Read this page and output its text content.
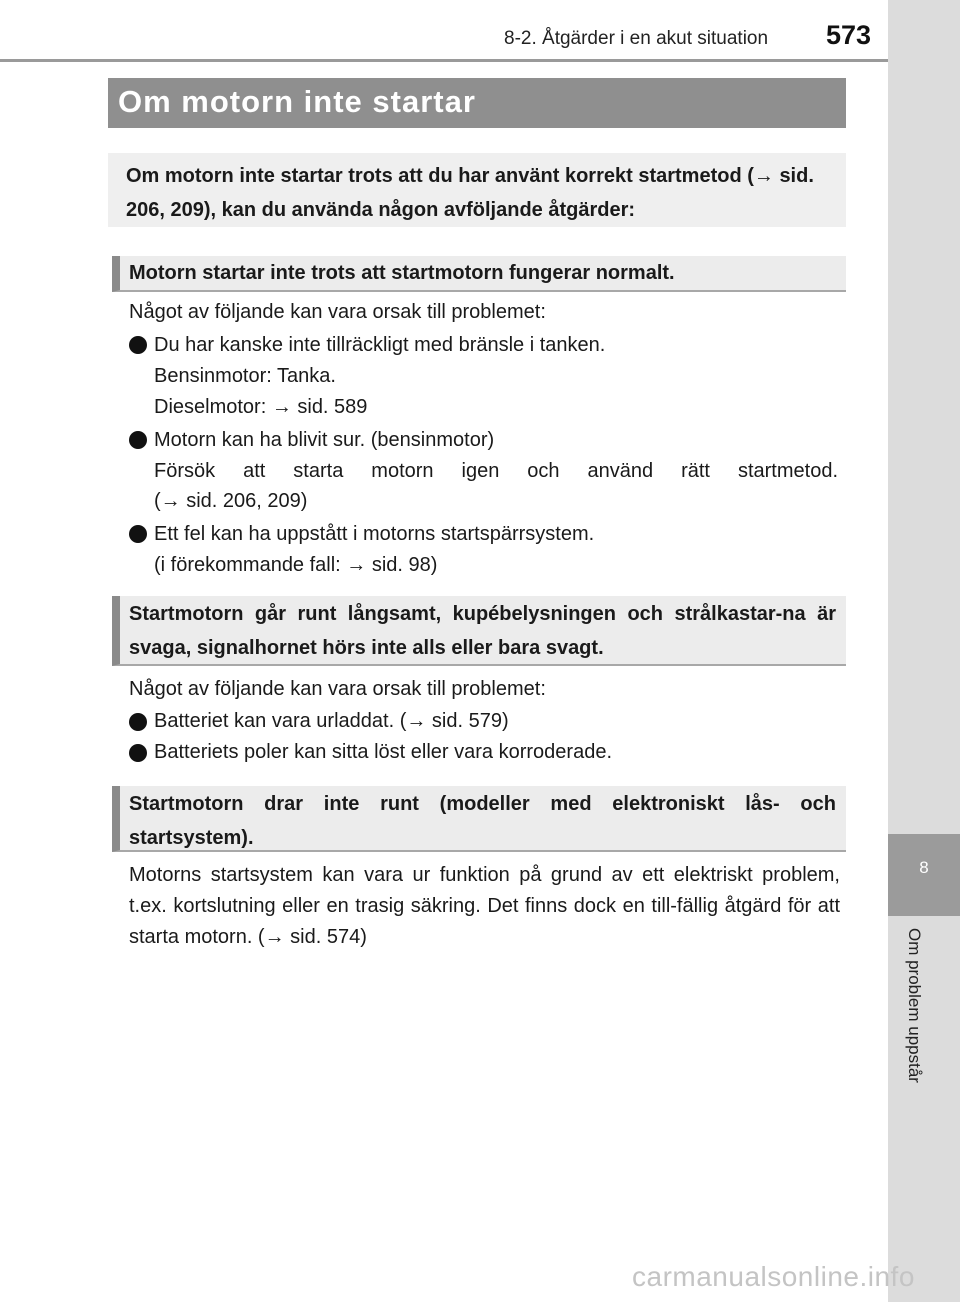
8-2. Åtgärder i en akut situation 573
8
Om problem uppstår
Om motorn inte startar
Om motorn inte startar trots att du har använt korrekt startmetod (→ sid. 206, 209), kan du använda någon avföljande åtgärder:
Motorn startar inte trots att startmotorn fungerar normalt.
Något av följande kan vara orsak till problemet:
Du har kanske inte tillräckligt med bränsle i tanken.
Bensinmotor: Tanka.
Dieselmotor: → sid. 589
Motorn kan ha blivit sur. (bensinmotor)
Försök att starta motorn igen och använd rätt startmetod.
(→ sid. 206, 209)
Ett fel kan ha uppstått i motorns startspärrsystem.
(i förekommande fall: → sid. 98)
Startmotorn går runt långsamt, kupébelysningen och strålkastar-na är svaga, signalhornet hörs inte alls eller bara svagt.
Något av följande kan vara orsak till problemet:
Batteriet kan vara urladdat. (→ sid. 579)
Batteriets poler kan sitta löst eller vara korroderade.
Startmotorn drar inte runt (modeller med elektroniskt lås- och startsystem).
Motorns startsystem kan vara ur funktion på grund av ett elektriskt problem, t.ex. kortslutning eller en trasig säkring. Det finns dock en till-fällig åtgärd för att starta motorn. (→ sid. 574)
carmanualsonline.info
